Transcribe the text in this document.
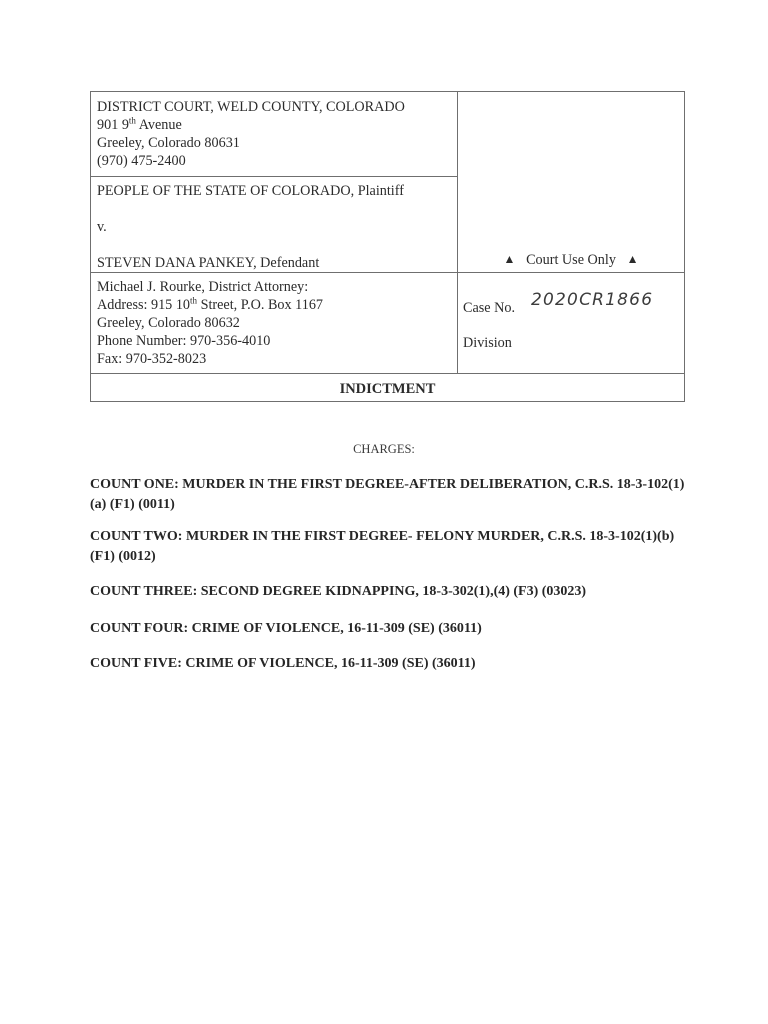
DISTRICT COURT, WELD COUNTY, COLORADO
901 9th Avenue
Greeley, Colorado 80631
(970) 475-2400
PEOPLE OF THE STATE OF COLORADO, Plaintiff
v.
STEVEN DANA PANKEY, Defendant	▲ Court Use Only ▲
Michael J. Rourke, District Attorney:
Address: 915 10th Street, P.O. Box 1167
Greeley, Colorado 80632
Phone Number: 970-356-4010
Fax: 970-352-8023
Case No. 2020CR1866
Division
INDICTMENT
CHARGES:
COUNT ONE: MURDER IN THE FIRST DEGREE-AFTER DELIBERATION, C.R.S. 18-3-102(1)(a) (F1) (0011)
COUNT TWO: MURDER IN THE FIRST DEGREE- FELONY MURDER, C.R.S. 18-3-102(1)(b) (F1) (0012)
COUNT THREE: SECOND DEGREE KIDNAPPING, 18-3-302(1),(4) (F3) (03023)
COUNT FOUR: CRIME OF VIOLENCE, 16-11-309 (SE) (36011)
COUNT FIVE: CRIME OF VIOLENCE, 16-11-309 (SE) (36011)
